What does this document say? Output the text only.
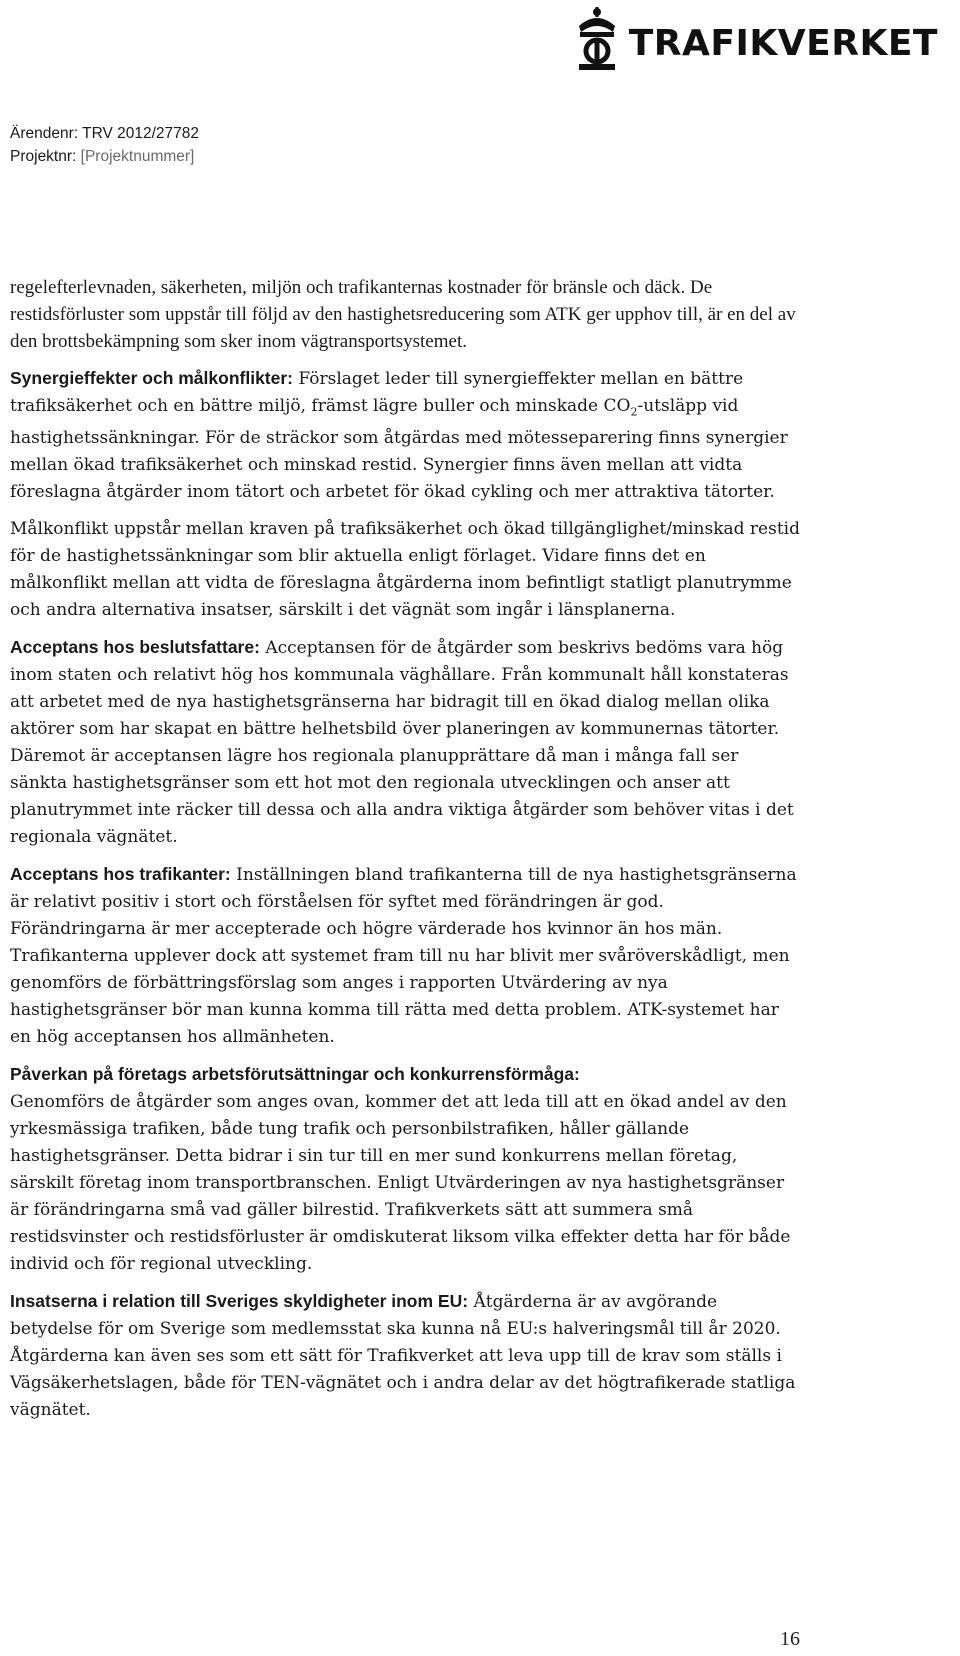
TRAFIKVERKET
Ärendenr: TRV 2012/27782
Projektnr: [Projektnummer]

regelefterlevnaden, säkerheten, miljön och trafikanternas kostnader för bränsle och däck. De restidsförluster som uppstår till följd av den hastighetsreducering som ATK ger upphov till, är en del av den brottsbekämpning som sker inom vägtransportsystemet.

Synergieffekter och målkonflikter: Förslaget leder till synergieffekter mellan en bättre trafiksäkerhet och en bättre miljö, främst lägre buller och minskade $CO_2$-utsläpp vid hastighetssänkningar. För de sträckor som åtgärdas med mötesseparering finns synergier mellan ökad trafiksäkerhet och minskad restid. Synergier finns även mellan att vidta föreslagna åtgärder inom tätort och arbetet för ökad cykling och mer attraktiva tätorter.

Målkonflikt uppstår mellan kraven på trafiksäkerhet och ökad tillgänglighet/minskad restid för de hastighetssänkningar som blir aktuella enligt förlaget. Vidare finns det en målkonflikt mellan att vidta de föreslagna åtgärderna inom befintligt statligt planutrymme och andra alternativa insatser, särskilt i det vägnät som ingår i länsplanerna.

Acceptans hos beslutsfattare: Acceptansen för de åtgärder som beskrivs bedöms vara hög inom staten och relativt hög hos kommunala väghållare. Från kommunalt håll konstateras att arbetet med de nya hastighetsgränserna har bidragit till en ökad dialog mellan olika aktörer som har skapat en bättre helhetsbild över planeringen av kommunernas tätorter. Däremot är acceptansen lägre hos regionala planupprättare då man i många fall ser sänkta hastighetsgränser som ett hot mot den regionala utvecklingen och anser att planutrymmet inte räcker till dessa och alla andra viktiga åtgärder som behöver vitas i det regionala vägnätet.

Acceptans hos trafikanter: Inställningen bland trafikanterna till de nya hastighetsgränserna är relativt positiv i stort och förståelsen för syftet med förändringen är god. Förändringarna är mer accepterade och högre värderade hos kvinnor än hos män. Trafikanterna upplever dock att systemet fram till nu har blivit mer svåröverskådligt, men genomförs de förbättringsförslag som anges i rapporten Utvärdering av nya hastighetsgränser bör man kunna komma till rätta med detta problem. ATK-systemet har en hög acceptansen hos allmänheten.

Påverkan på företags arbetsförutsättningar och konkurrensförmåga:
Genomförs de åtgärder som anges ovan, kommer det att leda till att en ökad andel av den yrkesmässiga trafiken, både tung trafik och personbilstrafiken, håller gällande hastighetsgränser. Detta bidrar i sin tur till en mer sund konkurrens mellan företag, särskilt företag inom transportbranschen. Enligt Utvärderingen av nya hastighetsgränser är förändringarna små vad gäller bilrestid. Trafikverkets sätt att summera små restidsvinster och restidsförluster är omdiskuterat liksom vilka effekter detta har för både individ och för regional utveckling.

Insatserna i relation till Sveriges skyldigheter inom EU: Åtgärderna är av avgörande betydelse för om Sverige som medlemsstat ska kunna nå EU:s halveringsmål till år 2020. Åtgärderna kan även ses som ett sätt för Trafikverket att leva upp till de krav som ställs i Vägsäkerhetslagen, både för TEN-vägnätet och i andra delar av det högtrafikerade statliga vägnätet.

16
